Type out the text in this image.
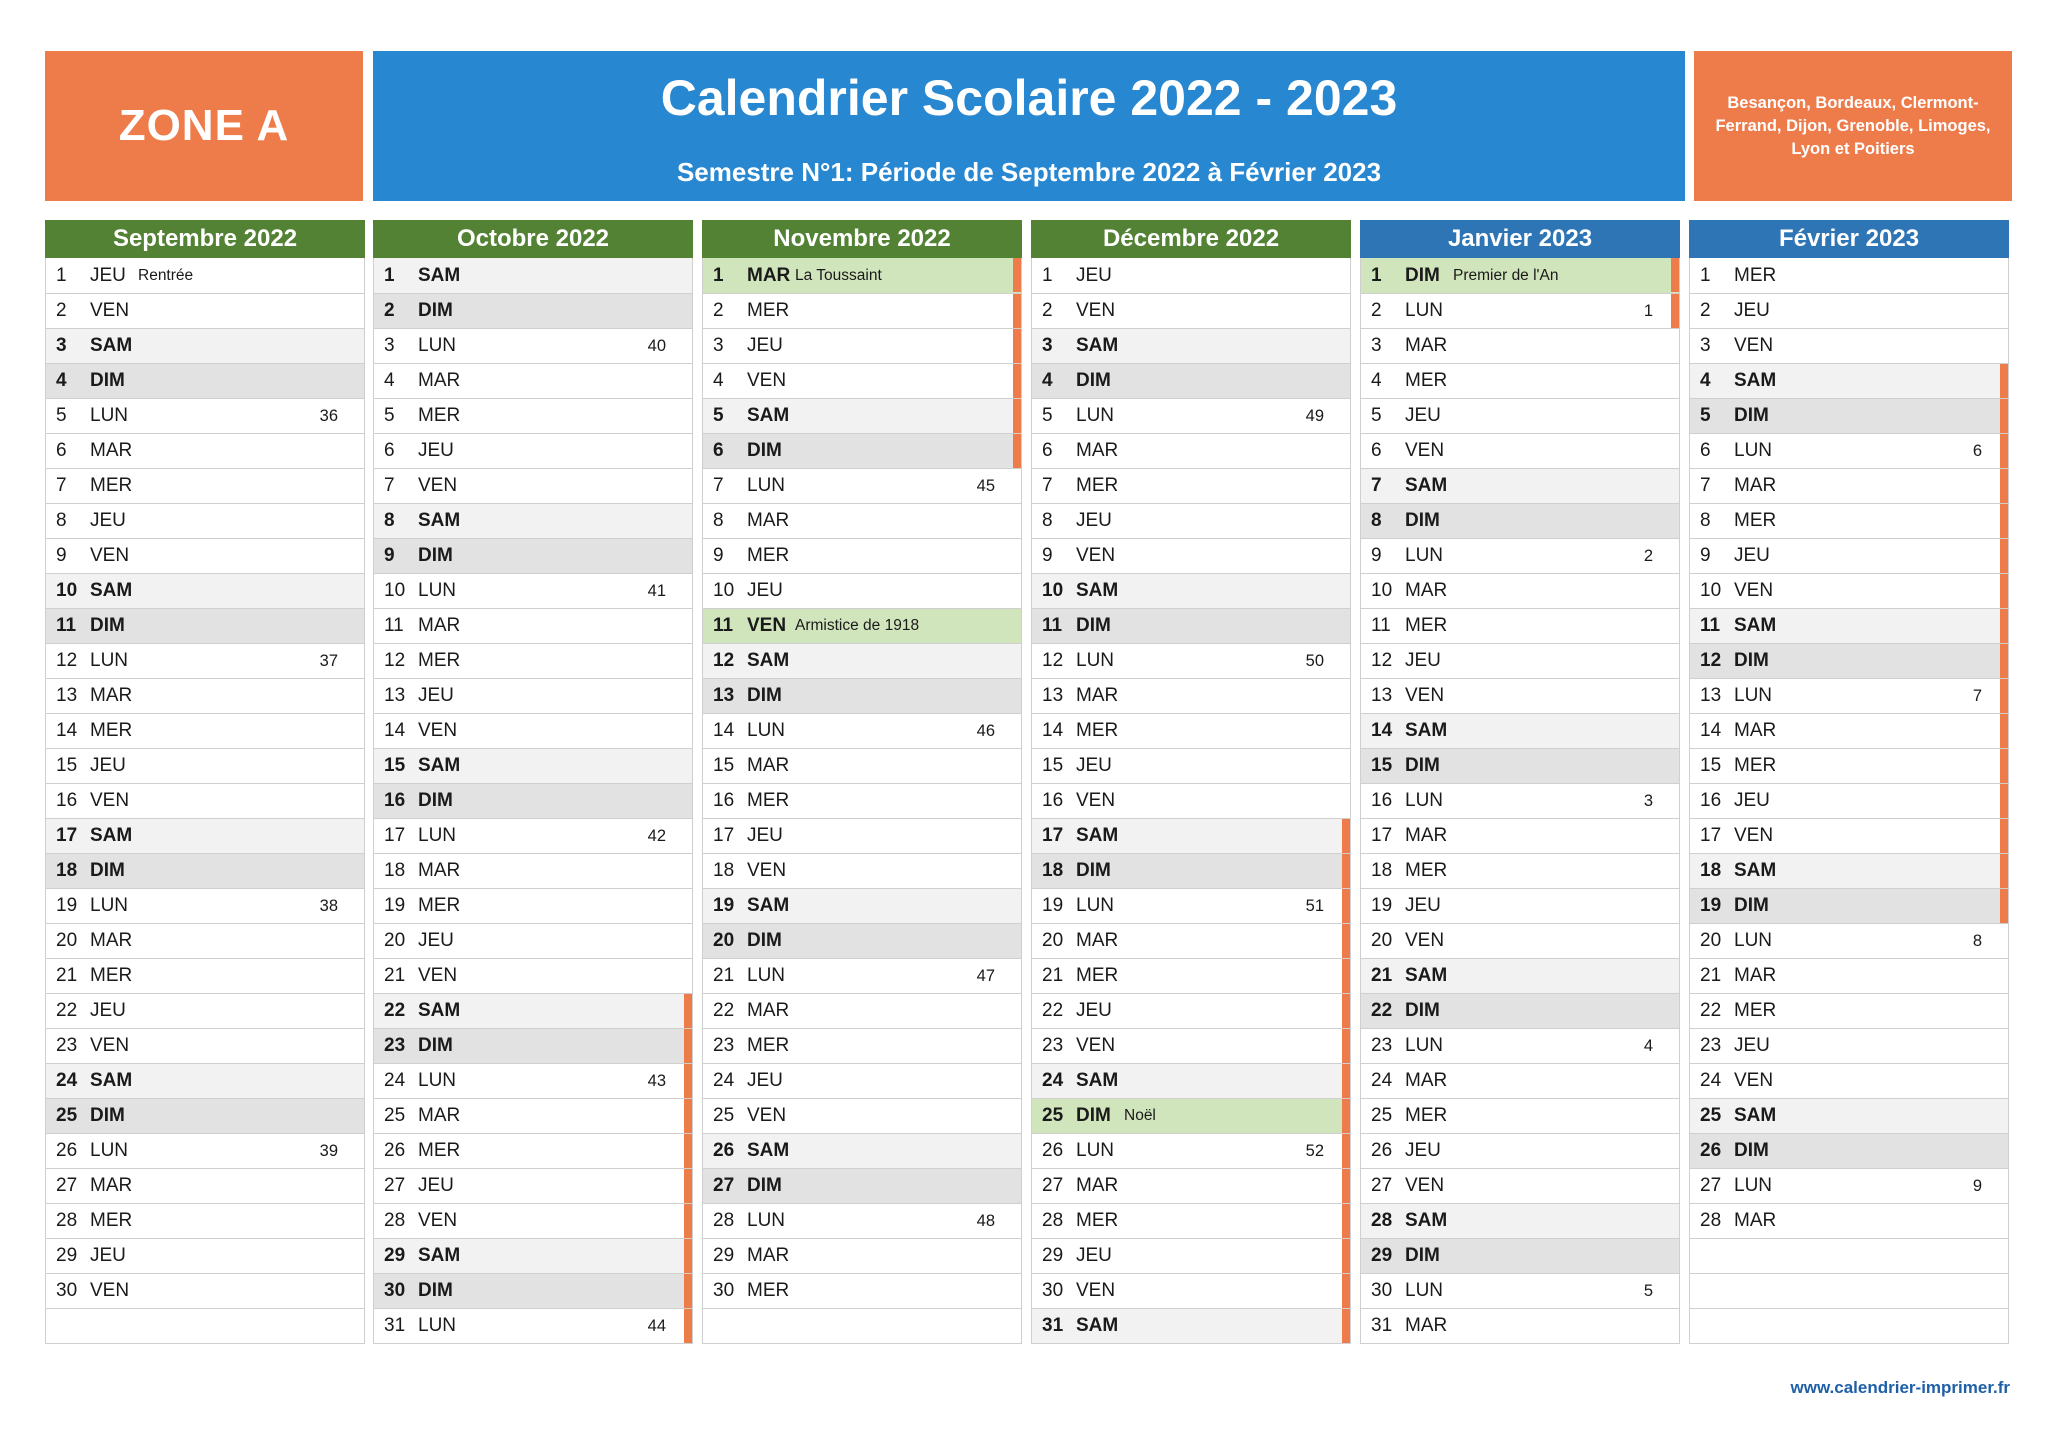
ZONE A	Calendrier Scolaire 2022 - 2023
Semestre N°1: Période de Septembre 2022 à Février 2023
Besançon, Bordeaux, Clermont-Ferrand, Dijon, Grenoble, Limoges, Lyon et Poitiers
Septembre 2022
1	JEU Rentrée
2	VEN
3	SAM
4	DIM
5	LUN	36
6	MAR
7	MER
8	JEU
9	VEN
10 SAM
11 DIM
12 LUN	37
13 MAR
14 MER
15 JEU
16 VEN
17 SAM
18 DIM
19 LUN	38
20 MAR
21 MER
22 JEU
23 VEN
24 SAM
25 DIM
26 LUN	39
27 MAR
28 MER
29 JEU
30 VEN
Octobre 2022
1	SAM
2	DIM
3	LUN	40
4	MAR
5	MER
6	JEU
7	VEN
8	SAM
9	DIM
10 LUN	41
11 MAR
12 MER
13 JEU
14 VEN
15 SAM
16 DIM
17 LUN	42
18 MAR
19 MER
20 JEU
21 VEN
22 SAM
23 DIM
24 LUN	43
25 MAR
26 MER
27 JEU
28 VEN
29 SAM
30 DIM
31 LUN	44
Novembre 2022
1	MAR La Toussaint
2	MER
3	JEU
4	VEN
5	SAM
6	DIM
7	LUN	45
8	MAR
9	MER
10 JEU
11 VEN Armistice de 1918
12 SAM
13 DIM
14 LUN	46
15 MAR
16 MER
17 JEU
18 VEN
19 SAM
20 DIM
21 LUN	47
22 MAR
23 MER
24 JEU
25 VEN
26 SAM
27 DIM
28 LUN	48
29 MAR
30 MER
Décembre 2022
1	JEU
2	VEN
3	SAM
4	DIM
5	LUN	49
6	MAR
7	MER
8	JEU
9	VEN
10 SAM
11 DIM
12 LUN	50
13 MAR
14 MER
15 JEU
16 VEN
17 SAM
18 DIM
19 LUN	51
20 MAR
21 MER
22 JEU
23 VEN
24 SAM
25 DIM Noël
26 LUN	52
27 MAR
28 MER
29 JEU
30 VEN
31 SAM
Janvier 2023
1	DIM Premier de l'An
2	LUN	1
3	MAR
4	MER
5	JEU
6	VEN
7	SAM
8	DIM
9	LUN	2
10 MAR
11 MER
12 JEU
13 VEN
14 SAM
15 DIM
16 LUN	3
17 MAR
18 MER
19 JEU
20 VEN
21 SAM
22 DIM
23 LUN	4
24 MAR
25 MER
26 JEU
27 VEN
28 SAM
29 DIM
30 LUN	5
31 MAR
Février 2023
1	MER
2	JEU
3	VEN
4	SAM
5	DIM
6	LUN	6
7	MAR
8	MER
9	JEU
10 VEN
11 SAM
12 DIM
13 LUN	7
14 MAR
15 MER
16 JEU
17 VEN
18 SAM
19 DIM
20 LUN	8
21 MAR
22 MER
23 JEU
24 VEN
25 SAM
26 DIM
27 LUN	9
28 MAR
www.calendrier-imprimer.fr
